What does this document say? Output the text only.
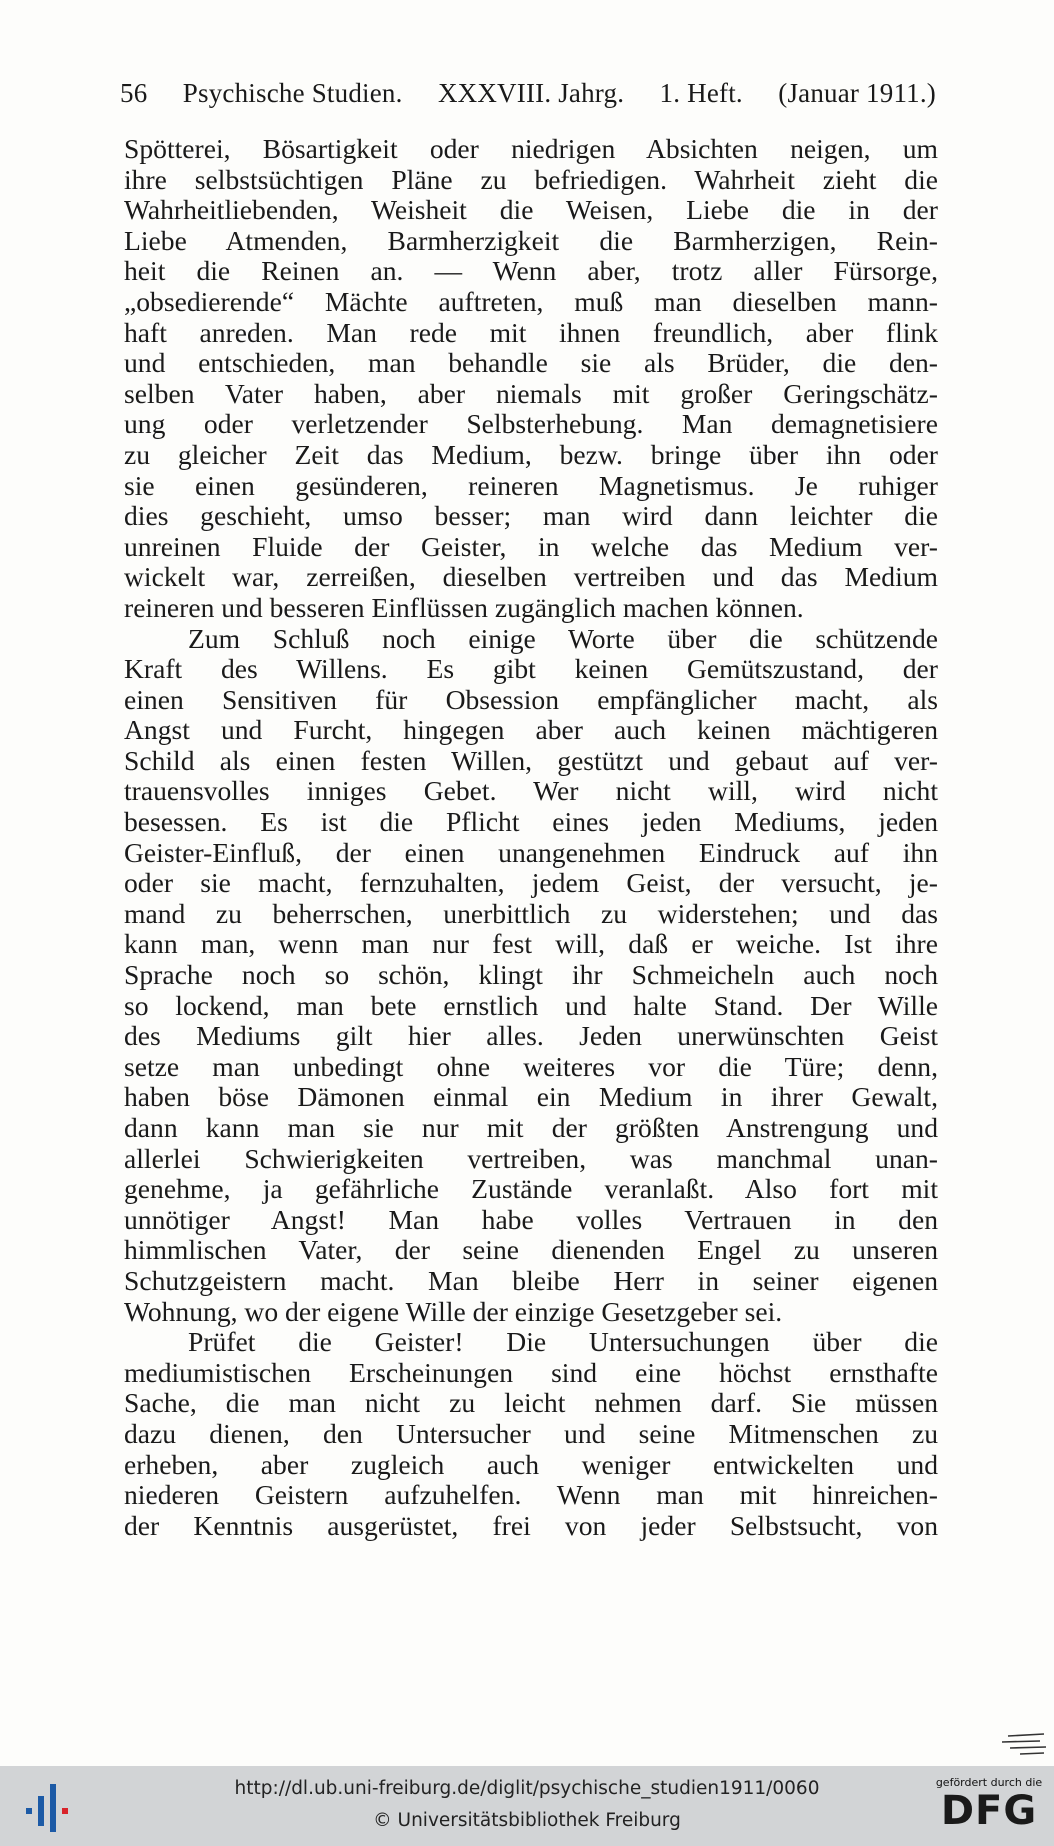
56 Psychische Studien. XXXVIII. Jahrg. 1. Heft. (Januar 1911.)
Spötterei, Bösartigkeit oder niedrigen Absichten neigen, um
ihre selbstsüchtigen Pläne zu befriedigen. Wahrheit zieht die
Wahrheitliebenden, Weisheit die Weisen, Liebe die in der
Liebe Atmenden, Barmherzigkeit die Barmherzigen, Rein-
heit die Reinen an. — Wenn aber, trotz aller Fürsorge,
„obsedierende“ Mächte auftreten, muß man dieselben mann-
haft anreden. Man rede mit ihnen freundlich, aber flink
und entschieden, man behandle sie als Brüder, die den-
selben Vater haben, aber niemals mit großer Geringschätz-
ung oder verletzender Selbsterhebung. Man demagnetisiere
zu gleicher Zeit das Medium, bezw. bringe über ihn oder
sie einen gesünderen, reineren Magnetismus. Je ruhiger
dies geschieht, umso besser; man wird dann leichter die
unreinen Fluide der Geister, in welche das Medium ver-
wickelt war, zerreißen, dieselben vertreiben und das Medium
reineren und besseren Einflüssen zugänglich machen können.
Zum Schluß noch einige Worte über die schützende
Kraft des Willens. Es gibt keinen Gemütszustand, der
einen Sensitiven für Obsession empfänglicher macht, als
Angst und Furcht, hingegen aber auch keinen mächtigeren
Schild als einen festen Willen, gestützt und gebaut auf ver-
trauensvolles inniges Gebet. Wer nicht will, wird nicht
besessen. Es ist die Pflicht eines jeden Mediums, jeden
Geister-Einfluß, der einen unangenehmen Eindruck auf ihn
oder sie macht, fernzuhalten, jedem Geist, der versucht, je-
mand zu beherrschen, unerbittlich zu widerstehen; und das
kann man, wenn man nur fest will, daß er weiche. Ist ihre
Sprache noch so schön, klingt ihr Schmeicheln auch noch
so lockend, man bete ernstlich und halte Stand. Der Wille
des Mediums gilt hier alles. Jeden unerwünschten Geist
setze man unbedingt ohne weiteres vor die Türe; denn,
haben böse Dämonen einmal ein Medium in ihrer Gewalt,
dann kann man sie nur mit der größten Anstrengung und
allerlei Schwierigkeiten vertreiben, was manchmal unan-
genehme, ja gefährliche Zustände veranlaßt. Also fort mit
unnötiger Angst! Man habe volles Vertrauen in den
himmlischen Vater, der seine dienenden Engel zu unseren
Schutzgeistern macht. Man bleibe Herr in seiner eigenen
Wohnung, wo der eigene Wille der einzige Gesetzgeber sei.
Prüfet die Geister! Die Untersuchungen über die
mediumistischen Erscheinungen sind eine höchst ernsthafte
Sache, die man nicht zu leicht nehmen darf. Sie müssen
dazu dienen, den Untersucher und seine Mitmenschen zu
erheben, aber zugleich auch weniger entwickelten und
niederen Geistern aufzuhelfen. Wenn man mit hinreichen-
der Kenntnis ausgerüstet, frei von jeder Selbstsucht, von
http://dl.ub.uni-freiburg.de/diglit/psychische_studien1911/0060
© Universitätsbibliothek Freiburg
gefördert durch die
DFG
